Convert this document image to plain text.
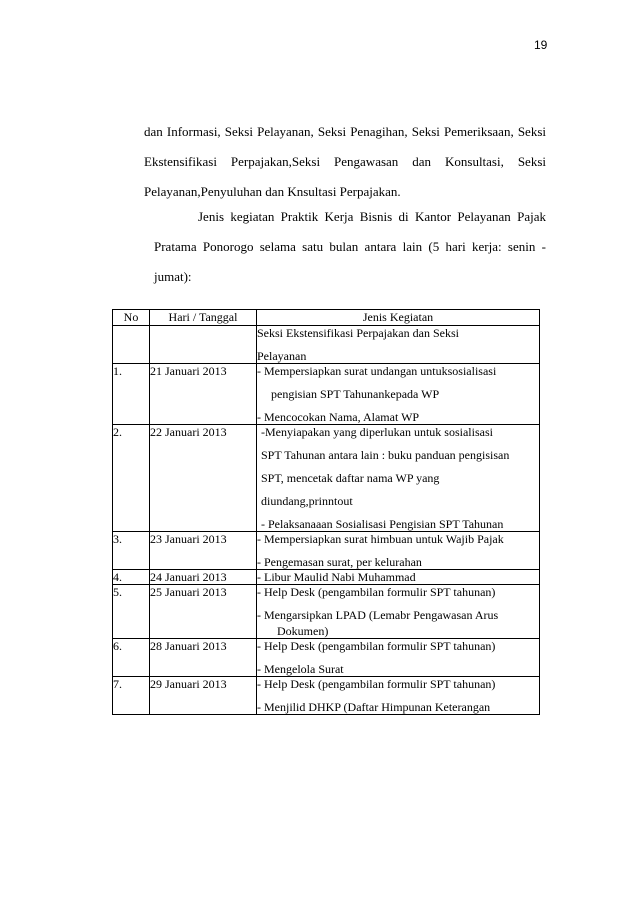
19
dan Informasi, Seksi Pelayanan, Seksi Penagihan, Seksi Pemeriksaan, Seksi
Ekstensifikasi Perpajakan,Seksi Pengawasan dan Konsultasi, Seksi
Pelayanan,Penyuluhan dan Knsultasi Perpajakan.
Jenis kegiatan Praktik Kerja Bisnis di Kantor Pelayanan Pajak
Pratama Ponorogo selama satu bulan antara lain (5 hari kerja: senin -
jumat):
No	Hari / Tanggal	Jenis Kegiatan

		Seksi Ekstensifikasi Perpajakan dan Seksi
Pelayanan

1.	21 Januari 2013	- Mempersiapkan surat undangan untuksosialisasi
pengisian SPT Tahunankepada WP
- Mencocokan Nama, Alamat WP

2.	22 Januari 2013	-Menyiapakan yang diperlukan untuk sosialisasi
SPT Tahunan antara lain : buku panduan pengisisan
SPT, mencetak daftar nama WP yang
diundang,prinntout
- Pelaksanaaan Sosialisasi Pengisian SPT Tahunan

3.	23 Januari 2013	- Mempersiapkan surat himbuan untuk Wajib Pajak
- Pengemasan surat, per kelurahan

4.	24 Januari 2013	- Libur Maulid Nabi Muhammad

5.	25 Januari 2013	- Help Desk (pengambilan formulir SPT tahunan)
- Mengarsipkan LPAD (Lemabr Pengawasan Arus
Dokumen)

6.	28 Januari 2013	- Help Desk (pengambilan formulir SPT tahunan)
- Mengelola Surat

7.	29 Januari 2013	- Help Desk (pengambilan formulir SPT tahunan)
- Menjilid DHKP (Daftar Himpunan Keterangan
